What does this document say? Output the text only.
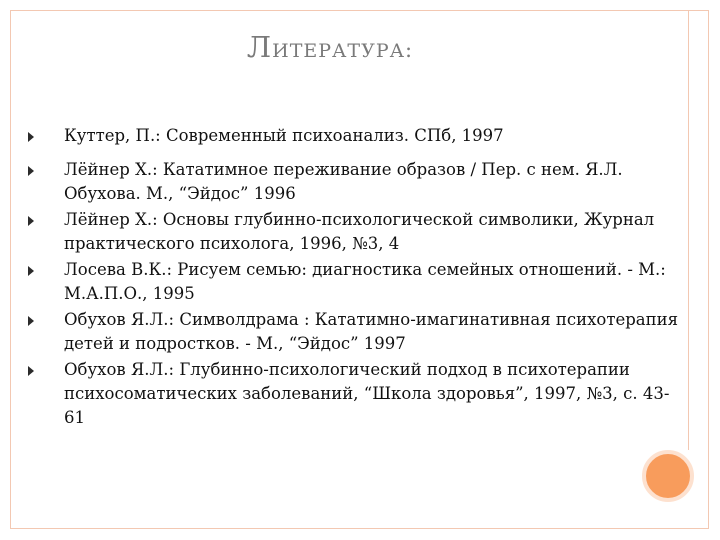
ЛИТЕРАТУРА:
Куттер, П.: Современный психоанализ. СПб, 1997
Лёйнер Х.: Кататимное переживание образов / Пер. с нем. Я.Л. Обухова. М., “Эйдос” 1996
Лёйнер Х.: Основы глубинно-психологической символики, Журнал практического психолога, 1996, №3, 4
Лосева В.К.: Рисуем семью: диагностика семейных отношений. - М.: М.А.П.О., 1995
Обухов Я.Л.: Символдрама : Кататимно-имагинативная психотерапия детей и подростков. - М., “Эйдос” 1997
Обухов Я.Л.: Глубинно-психологический подход в психотерапии психосоматических заболеваний, “Школа здоровья”, 1997, №3, с. 43-61
